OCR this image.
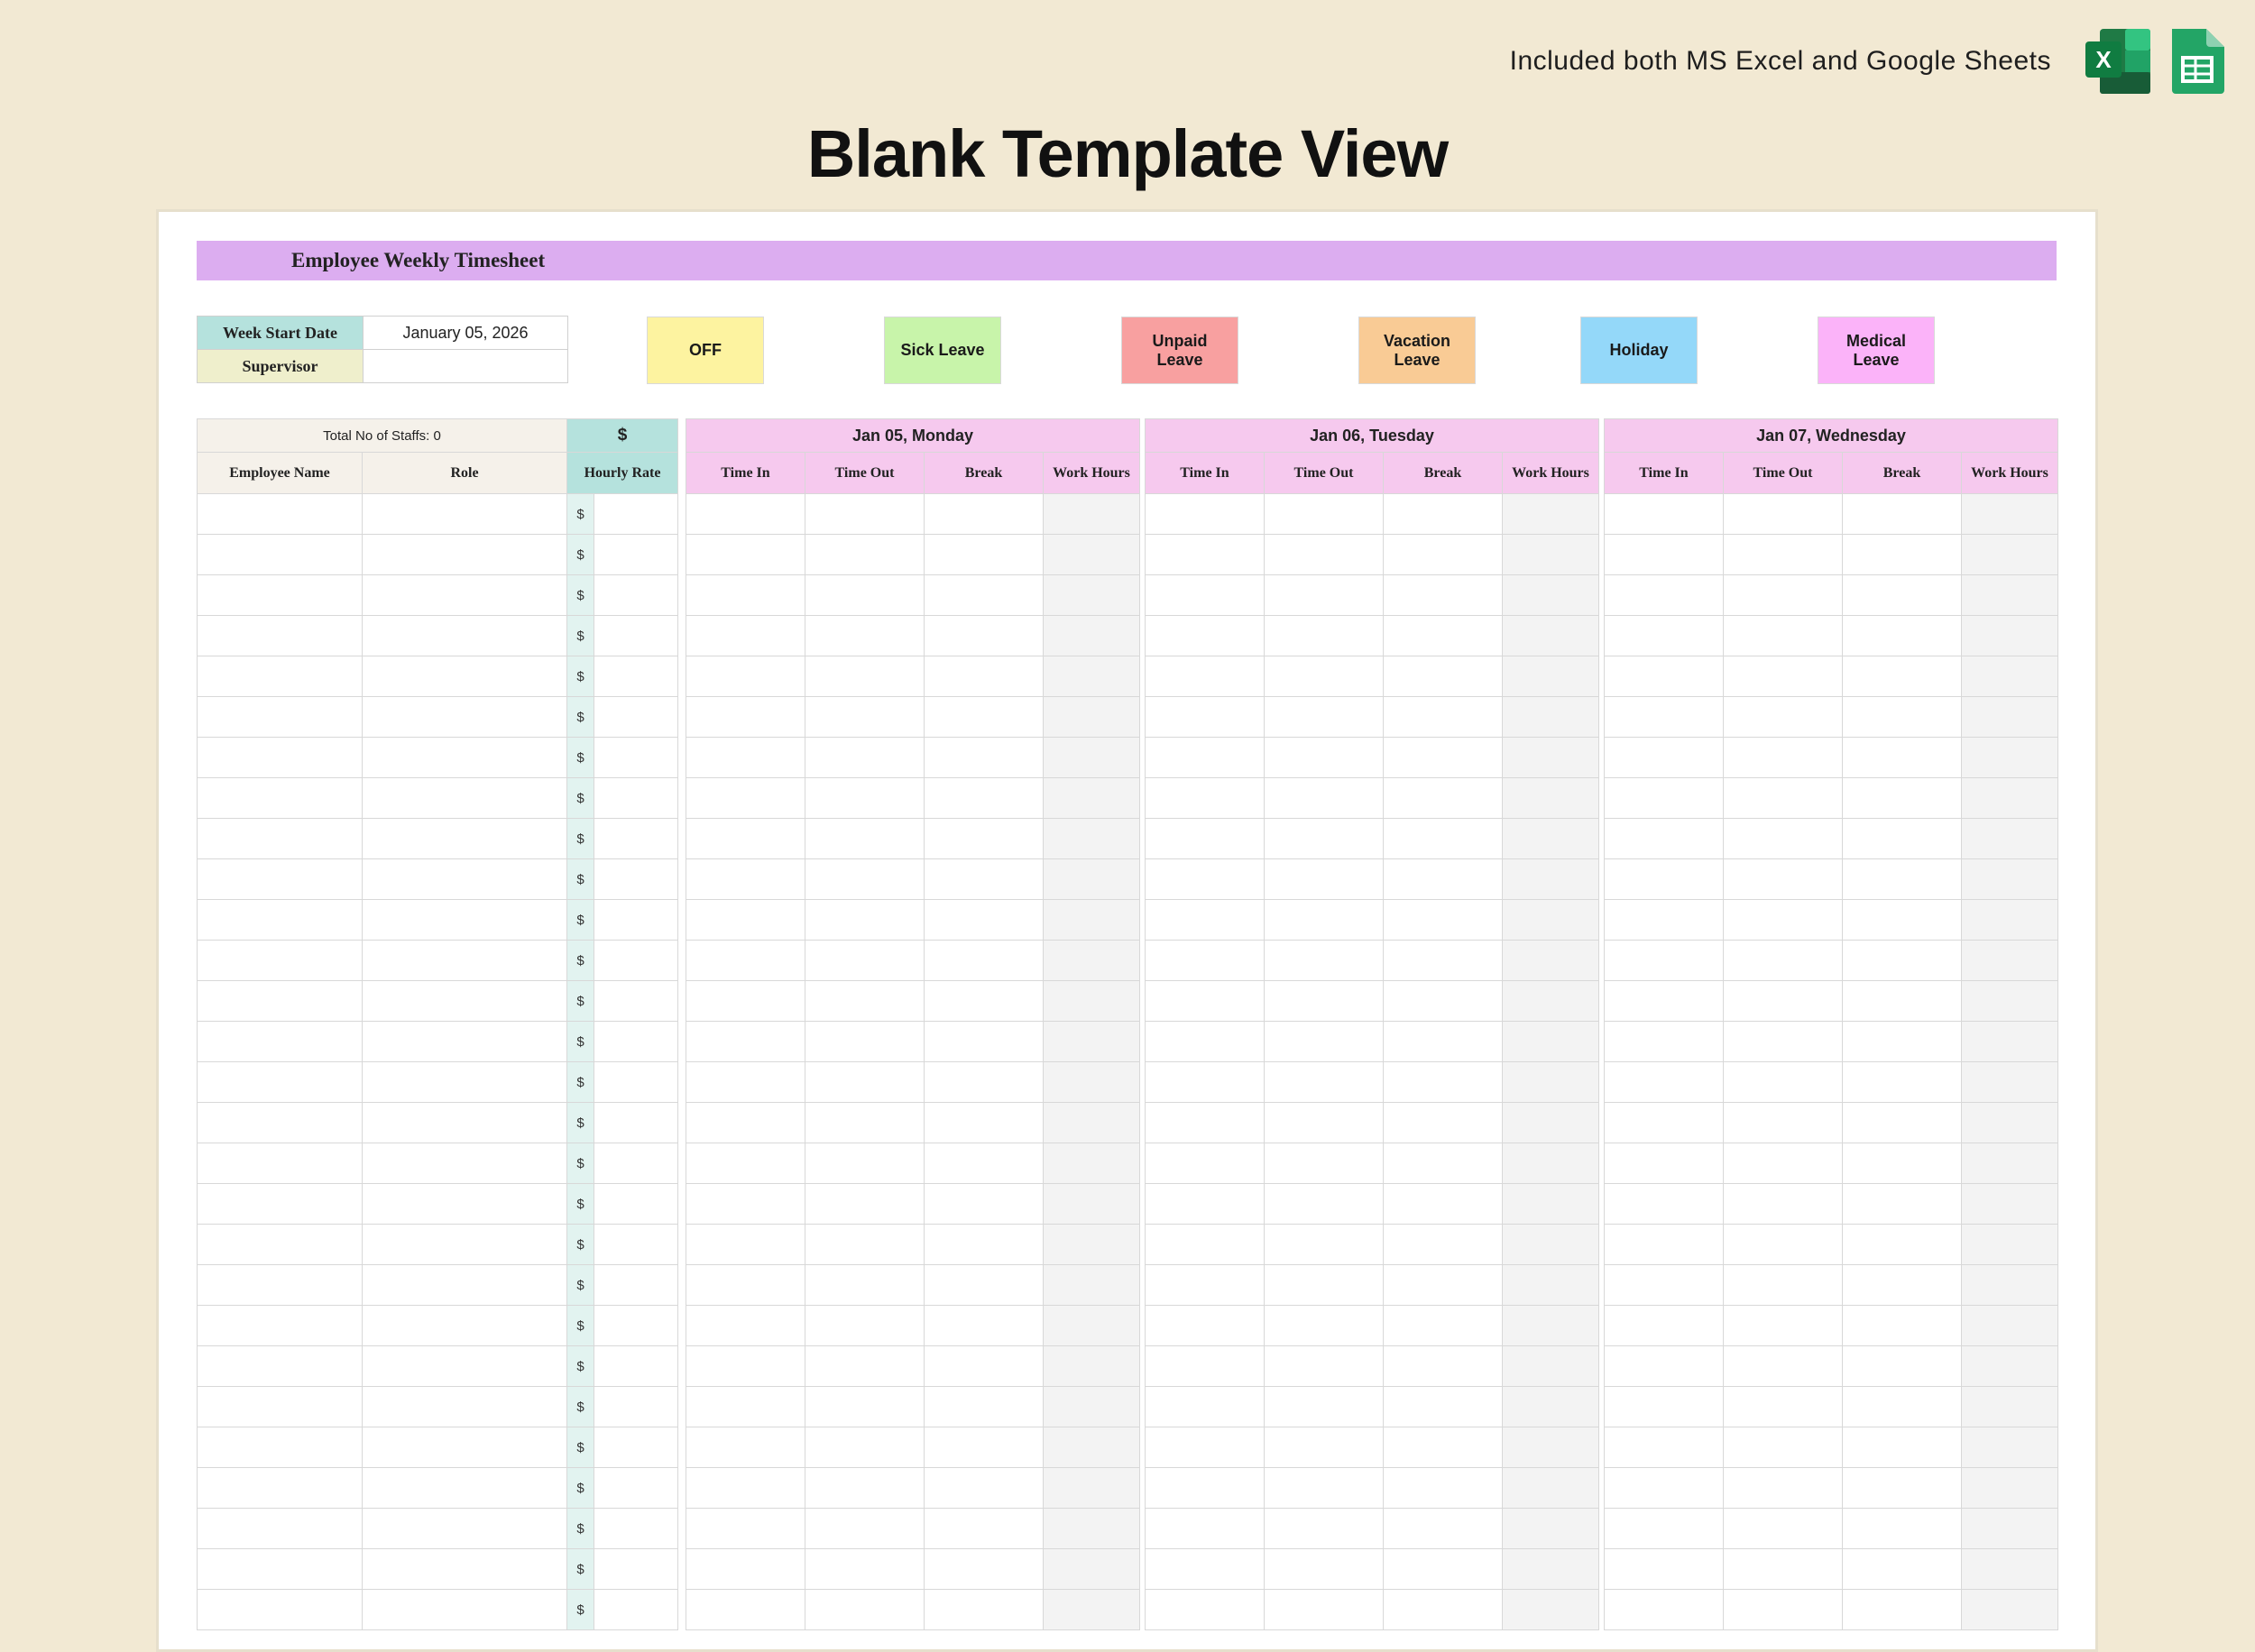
Included both MS Excel and Google Sheets X
Blank Template View
Employee Weekly Timesheet
Week Start Date	January 05, 2026
Supervisor	
OFF	Sick Leave
Unpaid Leave
Vacation Leave
Holiday
Medical Leave
Total No of Staffs: 0		$			Jan 05, Monday					Jan 06, Tuesday					Jan 07, Wednesday			
Employee Name	Role	Hourly Rate			Time In	Time Out	Break	Work Hours		Time In	Time Out	Break	Work Hours		Time In	Time Out	Break	Work Hours
		$																
		$																
		$																
		$																
		$																
		$																
		$																
		$																
		$																
		$																
		$																
		$																
		$																
		$																
		$																
		$																
		$																
		$																
		$																
		$																
		$																
		$																
		$																
		$																
		$																
		$																
		$																
		$																
